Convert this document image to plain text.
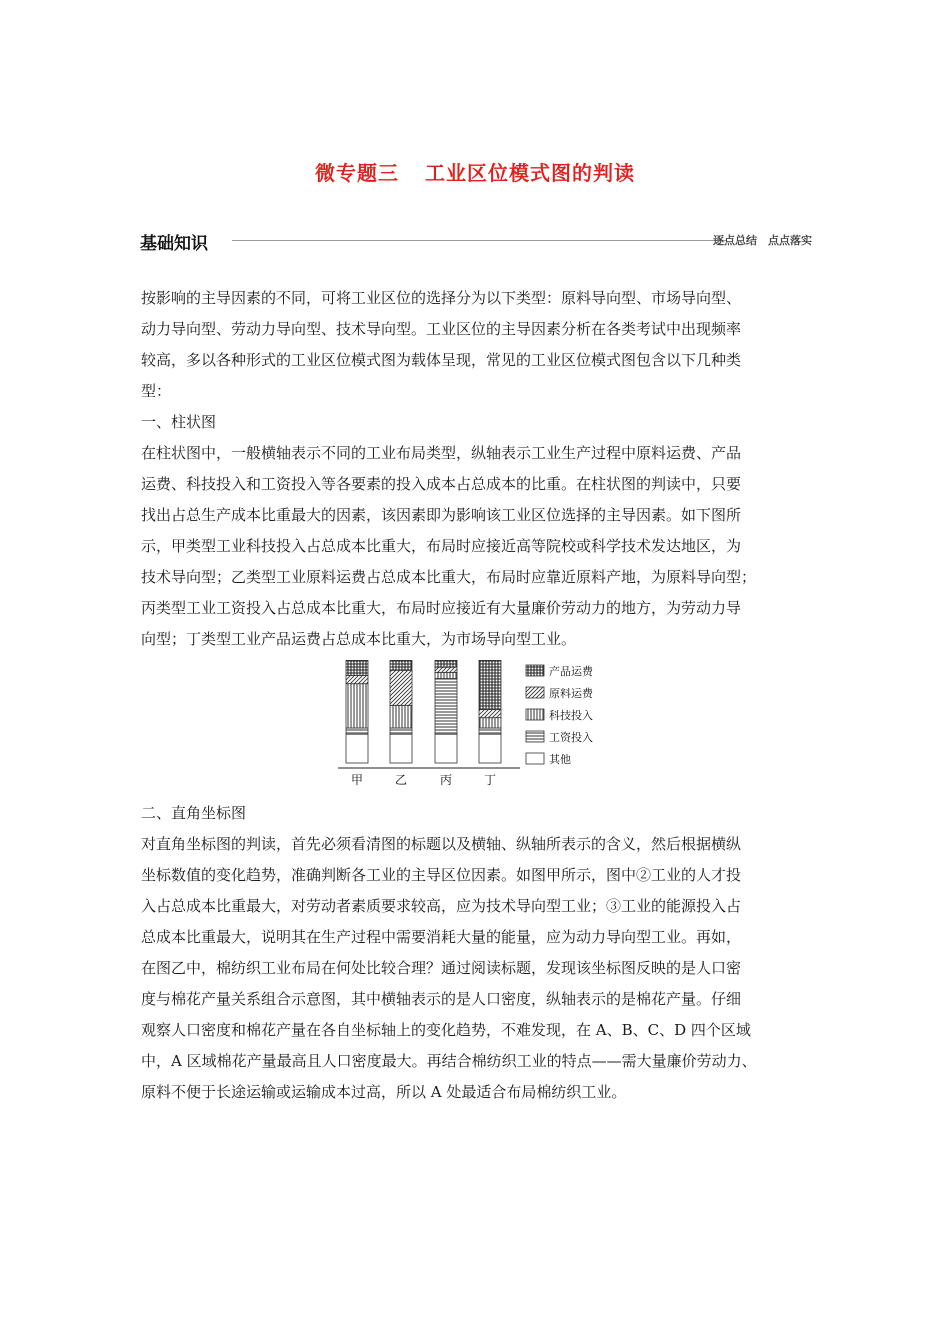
微专题三 工业区位模式图的判读
基础知识	逐点总结　点点落实
按影响的主导因素的不同，可将工业区位的选择分为以下类型：原料导向型、市场导向型、
动力导向型、劳动力导向型、技术导向型。工业区位的主导因素分析在各类考试中出现频率
较高，多以各种形式的工业区位模式图为载体呈现，常见的工业区位模式图包含以下几种类
型：
一、柱状图
在柱状图中，一般横轴表示不同的工业布局类型，纵轴表示工业生产过程中原料运费、产品
运费、科技投入和工资投入等各要素的投入成本占总成本的比重。在柱状图的判读中，只要
找出占总生产成本比重最大的因素，该因素即为影响该工业区位选择的主导因素。如下图所
示，甲类型工业科技投入占总成本比重大，布局时应接近高等院校或科学技术发达地区，为
技术导向型；乙类型工业原料运费占总成本比重大，布局时应靠近原料产地，为原料导向型；
丙类型工业工资投入占总成本比重大，布局时应接近有大量廉价劳动力的地方，为劳动力导
向型；丁类型工业产品运费占总成本比重大，为市场导向型工业。
甲	乙	丙	丁
产品运费
原料运费
科技投入
工资投入
其他
二、直角坐标图
对直角坐标图的判读，首先必须看清图的标题以及横轴、纵轴所表示的含义，然后根据横纵
坐标数值的变化趋势，准确判断各工业的主导区位因素。如图甲所示，图中②工业的人才投
入占总成本比重最大，对劳动者素质要求较高，应为技术导向型工业；③工业的能源投入占
总成本比重最大，说明其在生产过程中需要消耗大量的能量，应为动力导向型工业。再如，
在图乙中，棉纺织工业布局在何处比较合理？通过阅读标题，发现该坐标图反映的是人口密
度与棉花产量关系组合示意图，其中横轴表示的是人口密度，纵轴表示的是棉花产量。仔细
观察人口密度和棉花产量在各自坐标轴上的变化趋势，不难发现，在 A、B、C、D 四个区域
中，A 区域棉花产量最高且人口密度最大。再结合棉纺织工业的特点——需大量廉价劳动力、
原料不便于长途运输或运输成本过高，所以 A 处最适合布局棉纺织工业。
